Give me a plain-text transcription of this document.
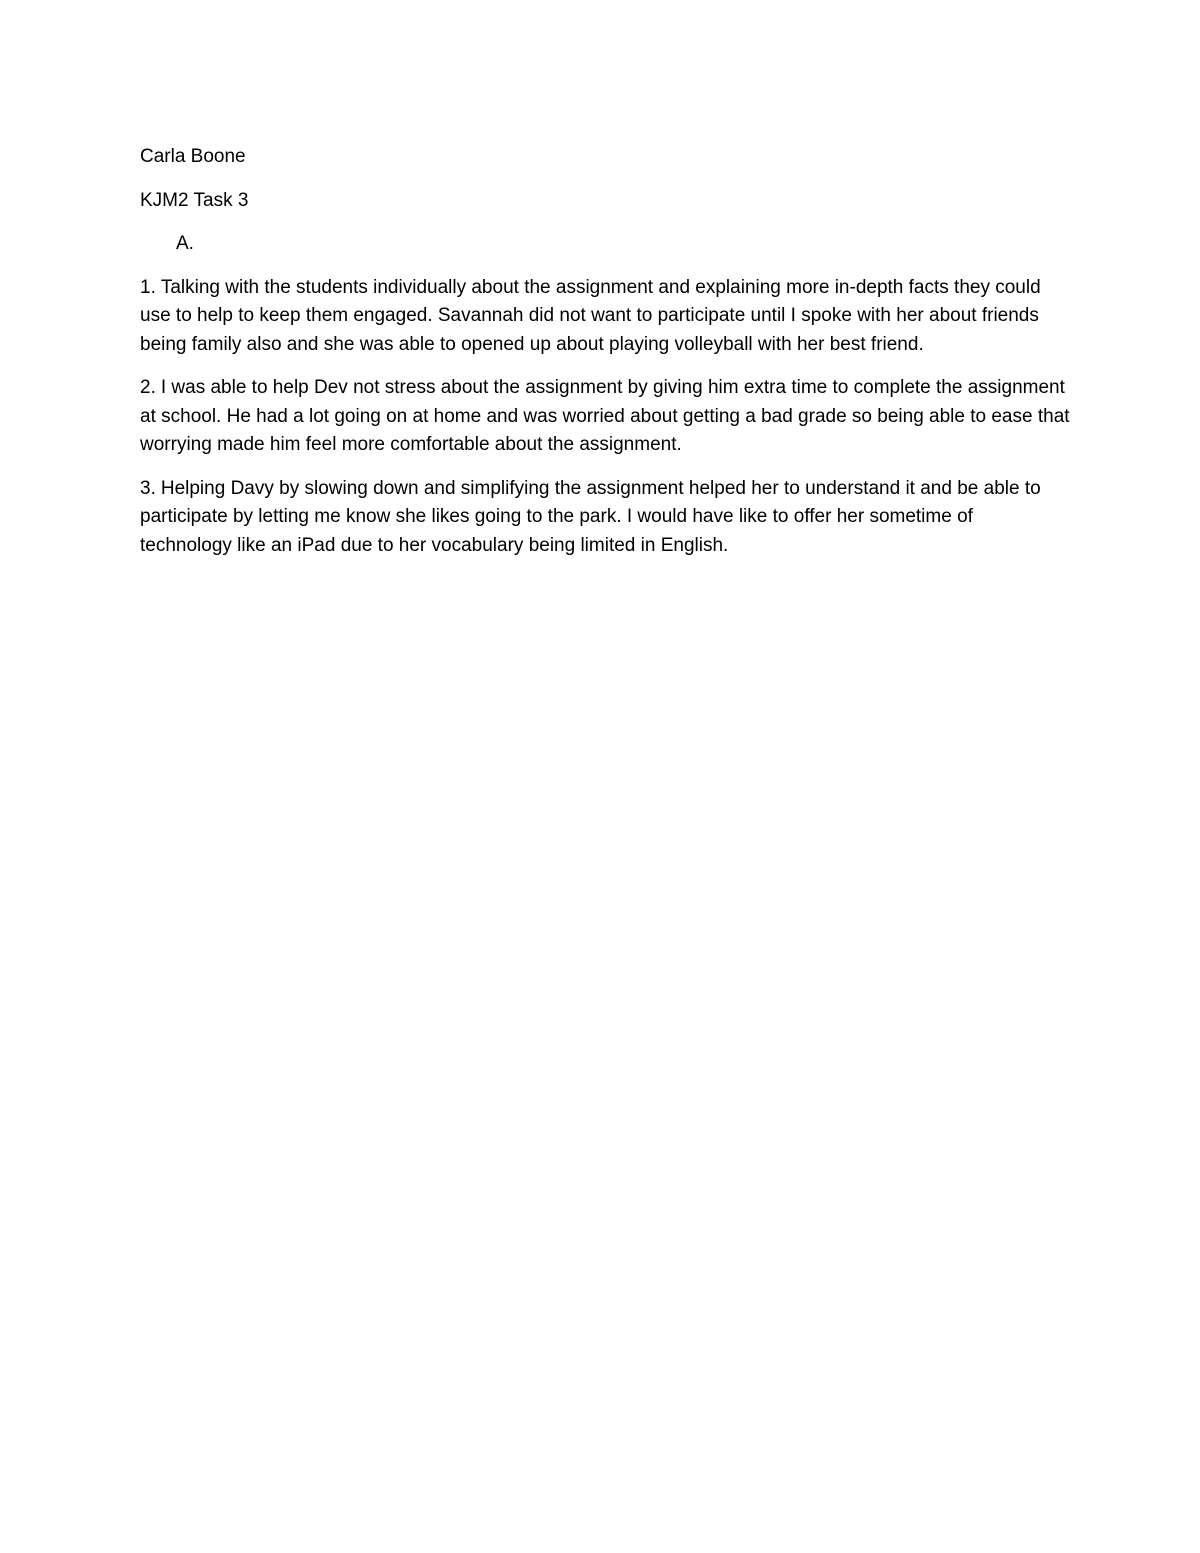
Carla Boone

KJM2 Task 3

A.

1. Talking with the students individually about the assignment and explaining more in-depth facts they could use to help to keep them engaged. Savannah did not want to participate until I spoke with her about friends being family also and she was able to opened up about playing volleyball with her best friend.

2. I was able to help Dev not stress about the assignment by giving him extra time to complete the assignment at school. He had a lot going on at home and was worried about getting a bad grade so being able to ease that worrying made him feel more comfortable about the assignment.

3. Helping Davy by slowing down and simplifying the assignment helped her to understand it and be able to participate by letting me know she likes going to the park. I would have like to offer her sometime of technology like an iPad due to her vocabulary being limited in English.
